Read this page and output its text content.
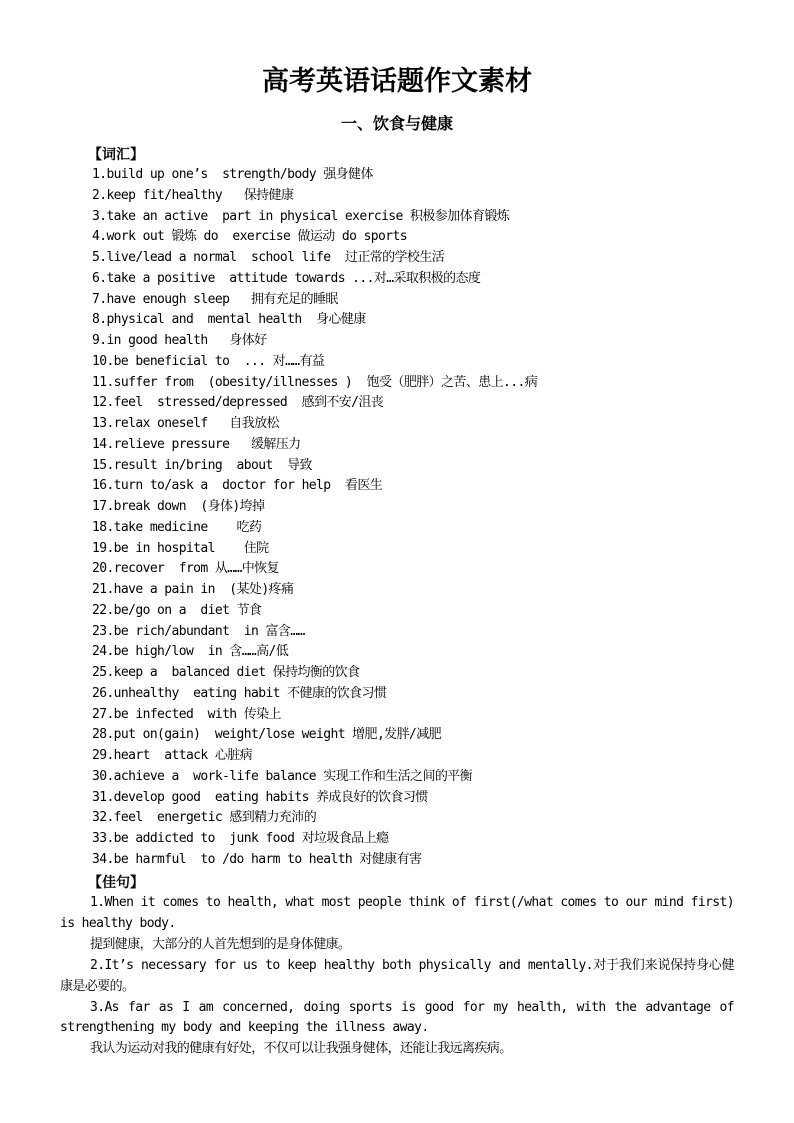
高考英语话题作文素材
一、饮食与健康
【词汇】
1.build up one’s  strength/body 强身健体
2.keep fit/healthy   保持健康
3.take an active  part in physical exercise 积极参加体育锻炼
4.work out 锻炼 do  exercise 做运动 do sports
5.live/lead a normal  school life  过正常的学校生活
6.take a positive  attitude towards ...对…采取积极的态度
7.have enough sleep   拥有充足的睡眠
8.physical and  mental health  身心健康
9.in good health   身体好
10.be beneficial to  ... 对……有益
11.suffer from  (obesity/illnesses )  饱受（肥胖）之苦、患上...病
12.feel  stressed/depressed  感到不安/沮丧
13.relax oneself   自我放松
14.relieve pressure   缓解压力
15.result in/bring  about  导致
16.turn to/ask a  doctor for help  看医生
17.break down  (身体)垮掉
18.take medicine    吃药
19.be in hospital    住院
20.recover  from 从……中恢复
21.have a pain in  (某处)疼痛
22.be/go on a  diet 节食
23.be rich/abundant  in 富含……
24.be high/low  in 含……高/低
25.keep a  balanced diet 保持均衡的饮食
26.unhealthy  eating habit 不健康的饮食习惯
27.be infected  with 传染上
28.put on(gain)  weight/lose weight 增肥,发胖/减肥
29.heart  attack 心脏病
30.achieve a  work-life balance 实现工作和生活之间的平衡
31.develop good  eating habits 养成良好的饮食习惯
32.feel  energetic 感到精力充沛的
33.be addicted to  junk food 对垃圾食品上瘾
34.be harmful  to /do harm to health 对健康有害
【佳句】

1.When it comes to health, what most people think of first(/what comes to our mind first) is healthy body.

提到健康，大部分的人首先想到的是身体健康。

2.It’s necessary for us to keep healthy both physically and mentally.对于我们来说保持身心健康是必要的。

3.As far as I am concerned, doing sports is good for my health, with the advantage of strengthening my body and keeping the illness away.

我认为运动对我的健康有好处，不仅可以让我强身健体，还能让我远离疾病。
